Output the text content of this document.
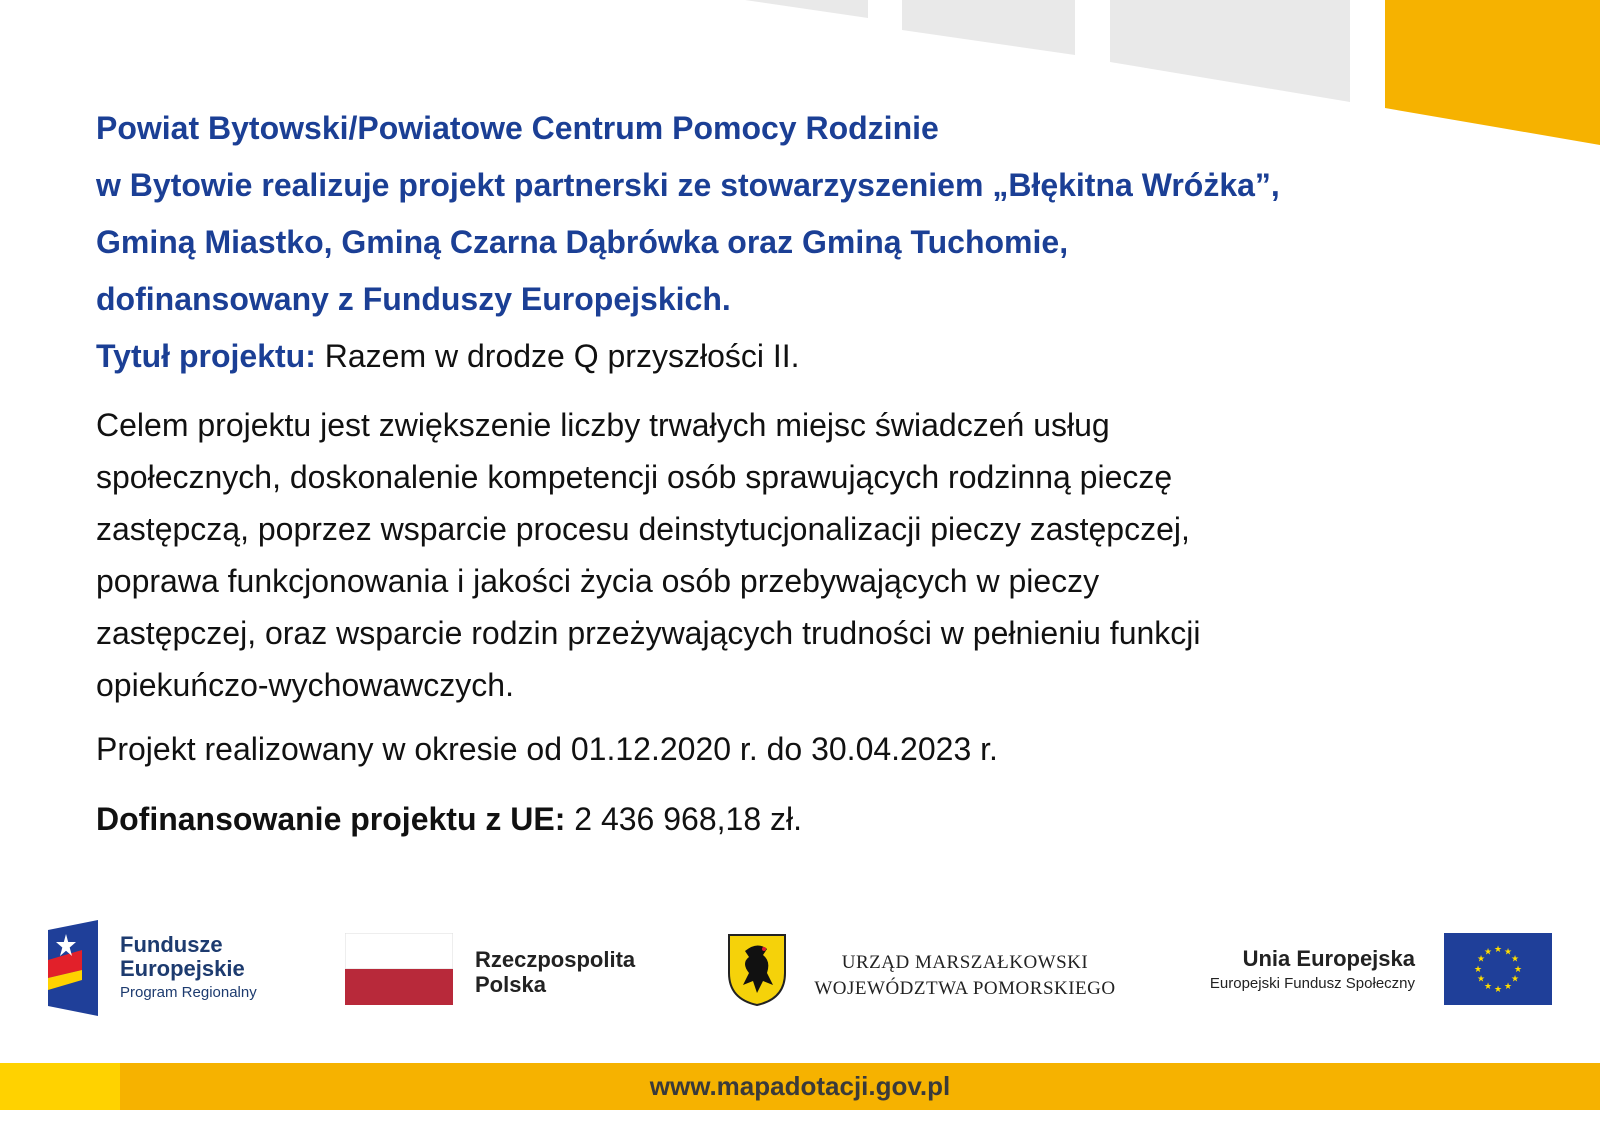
Powiat Bytowski/Powiatowe Centrum Pomocy Rodzinie

w Bytowie realizuje projekt partnerski ze stowarzyszeniem „Błękitna Wróżka”,

Gminą Miastko, Gminą Czarna Dąbrówka oraz Gminą Tuchomie,

dofinansowany z Funduszy Europejskich.

Tytuł projektu: Razem w drodze Q przyszłości II.

Celem projektu jest zwiększenie liczby trwałych miejsc świadczeń usług
społecznych, doskonalenie kompetencji osób sprawujących rodzinną pieczę
zastępczą, poprzez wsparcie procesu deinstytucjonalizacji pieczy zastępczej,
poprawa funkcjonowania i jakości życia osób przebywających w pieczy
zastępczej, oraz wsparcie rodzin przeżywających trudności w pełnieniu funkcji
opiekuńczo-wychowawczych.

Projekt realizowany w okresie od 01.12.2020 r. do 30.04.2023 r.

Dofinansowanie projektu z UE: 2 436 968,18 zł.

Fundusze
Europejskie
Program Regionalny
Rzeczpospolita
Polska
URZĄD MARSZAŁKOWSKI
WOJEWÓDZTWA POMORSKIEGO
Unia Europejska
Europejski Fundusz Społeczny
★ ★
★
★
★
★
★
★
★
★
★
★
www.mapadotacji.gov.pl
